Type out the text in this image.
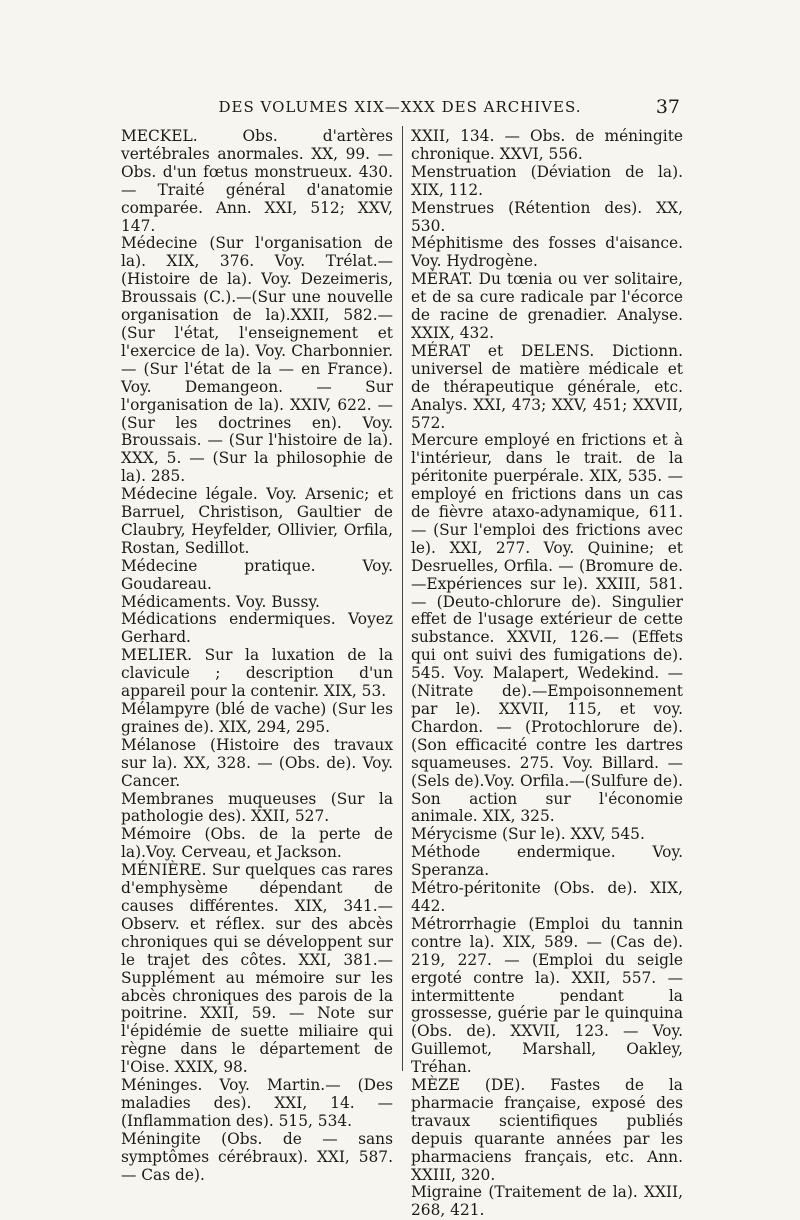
DES VOLUMES XIX—XXX DES ARCHIVES.	37
MECKEL. Obs. d'artères vertébrales anormales. XX, 99. — Obs. d'un fœtus monstrueux. 430. — Traité général d'anatomie comparée. Ann. XXI, 512; XXV, 147.
Médecine (Sur l'organisation de la). XIX, 376. Voy. Trélat.—(Histoire de la). Voy. Dezeimeris, Broussais (C.).—(Sur une nouvelle organisation de la).XXII, 582.—(Sur l'état, l'enseignement et l'exercice de la). Voy. Charbonnier. — (Sur l'état de la — en France). Voy. Demangeon. — Sur l'organisation de la). XXIV, 622. — (Sur les doctrines en). Voy. Broussais. — (Sur l'histoire de la). XXX, 5. — (Sur la philosophie de la). 285.
Médecine légale. Voy. Arsenic; et Barruel, Christison, Gaultier de Claubry, Heyfelder, Ollivier, Orfila, Rostan, Sedillot.
Médecine pratique. Voy. Goudareau.
Médicaments. Voy. Bussy.
Médications endermiques. Voyez Gerhard.
MELIER. Sur la luxation de la clavicule ; description d'un appareil pour la contenir. XIX, 53.
Mélampyre (blé de vache) (Sur les graines de). XIX, 294, 295.
Mélanose (Histoire des travaux sur la). XX, 328. — (Obs. de). Voy. Cancer.
Membranes muqueuses (Sur la pathologie des). XXII, 527.
Mémoire (Obs. de la perte de la).Voy. Cerveau, et Jackson.
MÉNIÈRE. Sur quelques cas rares d'emphysème dépendant de causes différentes. XIX, 341.—Observ. et réflex. sur des abcès chroniques qui se développent sur le trajet des côtes. XXI, 381.—Supplément au mémoire sur les abcès chroniques des parois de la poitrine. XXII, 59. — Note sur l'épidémie de suette miliaire qui règne dans le département de l'Oise. XXIX, 98.
Méninges. Voy. Martin.— (Des maladies des). XXI, 14. — (Inflammation des). 515, 534.
Méningite (Obs. de — sans symptômes cérébraux). XXI, 587. — Cas de).
XXII, 134. — Obs. de méningite chronique. XXVI, 556.
Menstruation (Déviation de la). XIX, 112.
Menstrues (Rétention des). XX, 530.
Méphitisme des fosses d'aisance. Voy. Hydrogène.
MÉRAT. Du tœnia ou ver solitaire, et de sa cure radicale par l'écorce de racine de grenadier. Analyse. XXIX, 432.
MÉRAT et DELENS. Dictionn. universel de matière médicale et de thérapeutique générale, etc. Analys. XXI, 473; XXV, 451; XXVII, 572.
Mercure employé en frictions et à l'intérieur, dans le trait. de la péritonite puerpérale. XIX, 535. — employé en frictions dans un cas de fièvre ataxo-adynamique, 611. — (Sur l'emploi des frictions avec le). XXI, 277. Voy. Quinine; et Desruelles, Orfila. — (Bromure de.—Expériences sur le). XXIII, 581. — (Deuto-chlorure de). Singulier effet de l'usage extérieur de cette substance. XXVII, 126.— (Effets qui ont suivi des fumigations de). 545. Voy. Malapert, Wedekind. — (Nitrate de).—Empoisonnement par le). XXVII, 115, et voy. Chardon. — (Protochlorure de). (Son efficacité contre les dartres squameuses. 275. Voy. Billard. —(Sels de).Voy. Orfila.—(Sulfure de). Son action sur l'économie animale. XIX, 325.
Mérycisme (Sur le). XXV, 545.
Méthode endermique. Voy. Speranza.
Métro-péritonite (Obs. de). XIX, 442.
Métrorrhagie (Emploi du tannin contre la). XIX, 589. — (Cas de). 219, 227. — (Emploi du seigle ergoté contre la). XXII, 557. — intermittente pendant la grossesse, guérie par le quinquina (Obs. de). XXVII, 123. — Voy. Guillemot, Marshall, Oakley, Tréhan.
MÈZE (DE). Fastes de la pharmacie française, exposé des travaux scientifiques publiés depuis quarante années par les pharmaciens français, etc. Ann. XXIII, 320.
Migraine (Traitement de la). XXII, 268, 421.
